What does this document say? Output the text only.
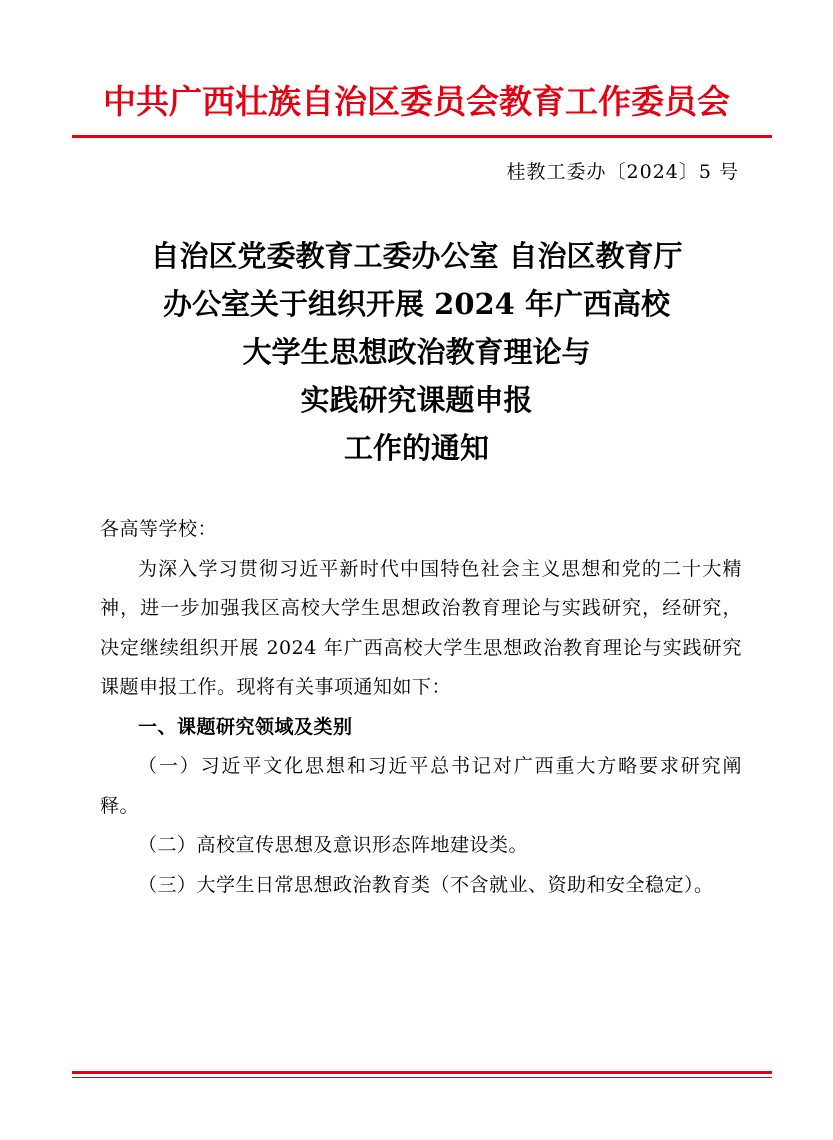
中共广西壮族自治区委员会教育工作委员会
桂教工委办〔2024〕5 号
自治区党委教育工委办公室 自治区教育厅
办公室关于组织开展 2024 年广西高校
大学生思想政治教育理论与
实践研究课题申报
工作的通知

各高等学校：

为深入学习贯彻习近平新时代中国特色社会主义思想和党的二十大精神，进一步加强我区高校大学生思想政治教育理论与实践研究，经研究，决定继续组织开展 2024 年广西高校大学生思想政治教育理论与实践研究课题申报工作。现将有关事项通知如下：

一、课题研究领域及类别

（一）习近平文化思想和习近平总书记对广西重大方略要求研究阐释。

（二）高校宣传思想及意识形态阵地建设类。

（三）大学生日常思想政治教育类（不含就业、资助和安全稳定）。
